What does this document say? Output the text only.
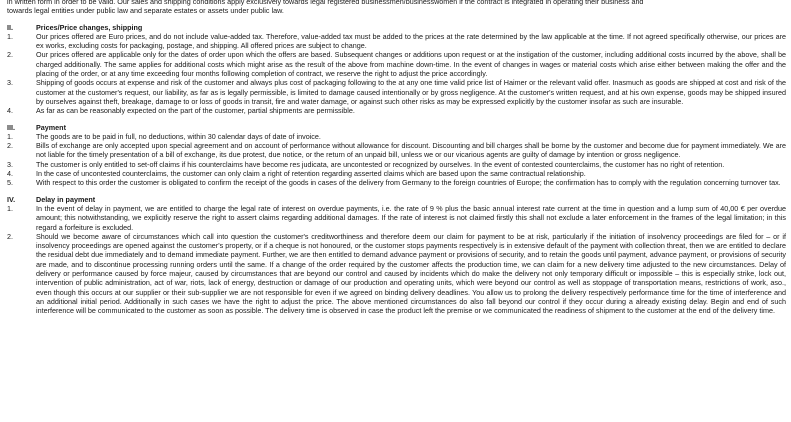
in written form in order to be valid. Our sales and shipping conditions apply exclusively towards legal registered businessmen/businesswomen if the contract is integrated in operating their business and

towards legal entities under public law and separate estates or assets under public law.

II.	Prices/Price changes, shipping
1.	Our prices offered are Euro prices, and do not include value-added tax. Therefore, value-added tax must be added to the prices at the rate determined by the law applicable at the time. If not agreed specifically otherwise, our prices are ex works, excluding costs for packaging, postage, and shipping. All offered prices are subject to change.
2.	Our prices offered are applicable only for the dates of order upon which the offers are based. Subsequent changes or additions upon request or at the instigation of the customer, including additional costs incurred by the above, shall be charged additionally. The same applies for additional costs which might arise as the result of the above from machine down-time. In the event of changes in wages or material costs which arise either between making the offer and the placing of the order, or at any time exceeding four months following completion of contract, we reserve the right to adjust the price accordingly.
3.	Shipping of goods occurs at expense and risk of the customer and always plus cost of packaging following to the at any one time valid price list of Haimer or the relevant valid offer. Inasmuch as goods are shipped at cost and risk of the customer at the customer's request, our liability, as far as is legally permissible, is limited to damage caused intentionally or by gross negligence. At the customer's written request, and at his own expense, goods may be shipped insured by ourselves against theft, breakage, damage to or loss of goods in transit, fire and water damage, or against such other risks as may be expressed explicitly by the customer insofar as such are insurable.
4.	As far as can be reasonably expected on the part of the customer, partial shipments are permissible.
III.	Payment
1.	The goods are to be paid in full, no deductions, within 30 calendar days of date of invoice.
2.	Bills of exchange are only accepted upon special agreement and on account of performance without allowance for discount. Discounting and bill charges shall be borne by the customer and become due for payment immediately. We are not liable for the timely presentation of a bill of exchange, its due protest, due notice, or the return of an unpaid bill, unless we or our vicarious agents are guilty of damage by intention or gross negligence.
3.	The customer is only entitled to set-off claims if his counterclaims have become res judicata, are uncontested or recognized by ourselves. In the event of contested counterclaims, the customer has no right of retention.
4.	In the case of uncontested counterclaims, the customer can only claim a right of retention regarding asserted claims which are based upon the same contractual relationship.
5.	With respect to this order the customer is obligated to confirm the receipt of the goods in cases of the delivery from Germany to the foreign countries of Europe; the confirmation has to comply with the regulation concerning turnover tax.
IV.	Delay in payment
1.	In the event of delay in payment, we are entitled to charge the legal rate of interest on overdue payments, i.e. the rate of 9 % plus the basic annual interest rate current at the time in question and a lump sum of 40,00 € per overdue amount; this notwithstanding, we explicitly reserve the right to assert claims regarding additional damages. If the rate of interest is not claimed firstly this shall not exclude a later enforcement in the frames of the legal limitation; in this regard a forfeiture is excluded.
2.	Should we become aware of circumstances which call into question the customer's creditworthiness and therefore deem our claim for payment to be at risk, particularly if the initiation of insolvency proceedings are filed for – or if insolvency proceedings are opened against the customer's property, or if a cheque is not honoured, or the customer stops payments respectively is in extensive default of the payment with collection threat, then we are entitled to declare the residual debt due immediately and to demand immediate payment. Further, we are then entitled to demand advance payment or provisions of security, and to retain the goods until payment, advance payment, or provisions of security are made, and to discontinue processing running orders until the same. If a change of the order required by the customer affects the production time, we can claim for a new delivery time adjusted to the new circumstances. Delay of delivery or performance caused by force majeur, caused by circumstances that are beyond our control and caused by incidents which do make the delivery not only temporary difficult or impossible – this is especially strike, lock out, intervention of public administration, act of war, riots, lack of energy, destruction or damage of our production and operating units, which were beyond our control as well as stoppage of transportation means, restrictions of work, aso., even though this occurs at our supplier or their sub-supplier we are not responsible for even if we agreed on binding delivery deadlines. You allow us to prolong the delivery respectively performance time for the time of interference and an additional initial period. Additionally in such cases we have the right to adjust the price. The above mentioned circumstances do also fall beyond our control if they occur during a already existing delay. Begin and end of such interference will be communicated to the customer as soon as possible. The delivery time is observed in case the product left the premise or we communicated the readiness of shipment to the customer at the end of the delivery time.
